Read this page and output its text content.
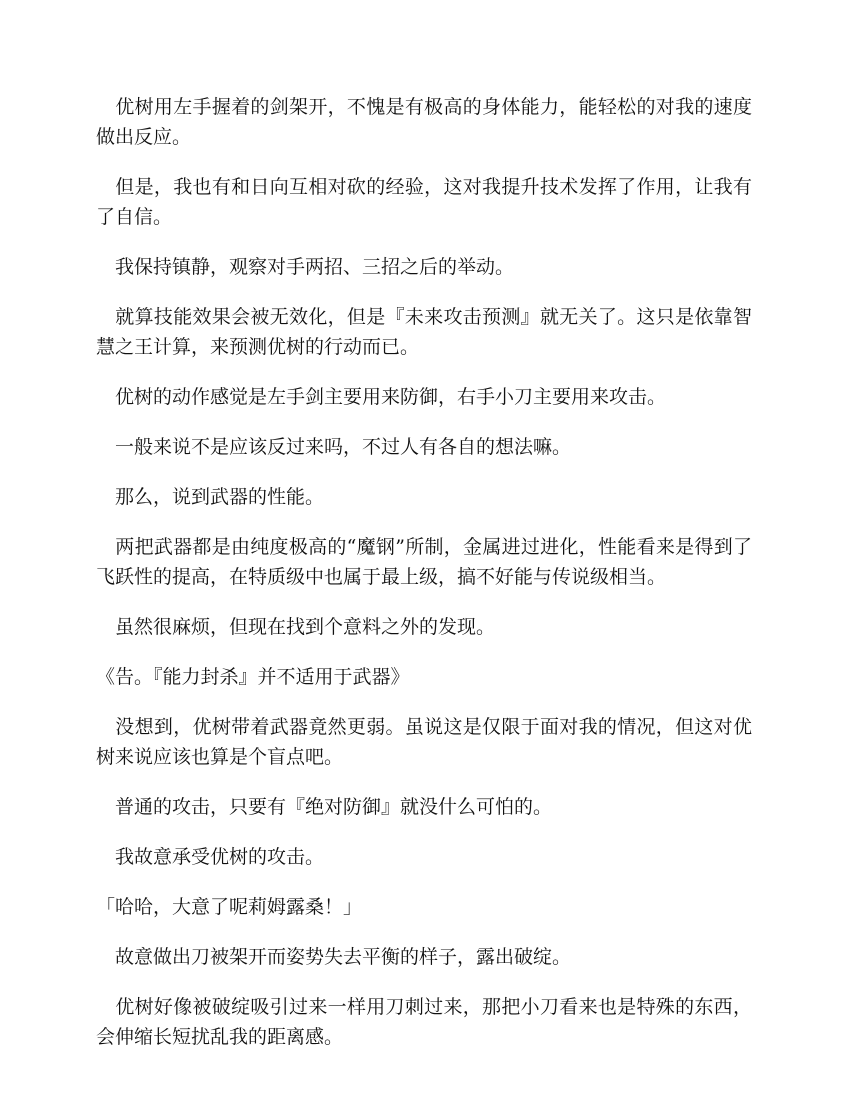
　优树用左手握着的剑架开，不愧是有极高的身体能力，能轻松的对我的速度做出反应。

　但是，我也有和日向互相对砍的经验，这对我提升技术发挥了作用，让我有了自信。

　我保持镇静，观察对手两招、三招之后的举动。

　就算技能效果会被无效化，但是『未来攻击预测』就无关了。这只是依靠智慧之王计算，来预测优树的行动而已。

　优树的动作感觉是左手剑主要用来防御，右手小刀主要用来攻击。

　一般来说不是应该反过来吗，不过人有各自的想法嘛。

　那么，说到武器的性能。

　两把武器都是由纯度极高的“魔钢”所制，金属进过进化，性能看来是得到了飞跃性的提高，在特质级中也属于最上级，搞不好能与传说级相当。

　虽然很麻烦，但现在找到个意料之外的发现。

《告。『能力封杀』并不适用于武器》

　没想到，优树带着武器竟然更弱。虽说这是仅限于面对我的情况，但这对优树来说应该也算是个盲点吧。

　普通的攻击，只要有『绝对防御』就没什么可怕的。

　我故意承受优树的攻击。

「哈哈，大意了呢莉姆露桑！」

　故意做出刀被架开而姿势失去平衡的样子，露出破绽。

　优树好像被破绽吸引过来一样用刀刺过来，那把小刀看来也是特殊的东西，会伸缩长短扰乱我的距离感。
